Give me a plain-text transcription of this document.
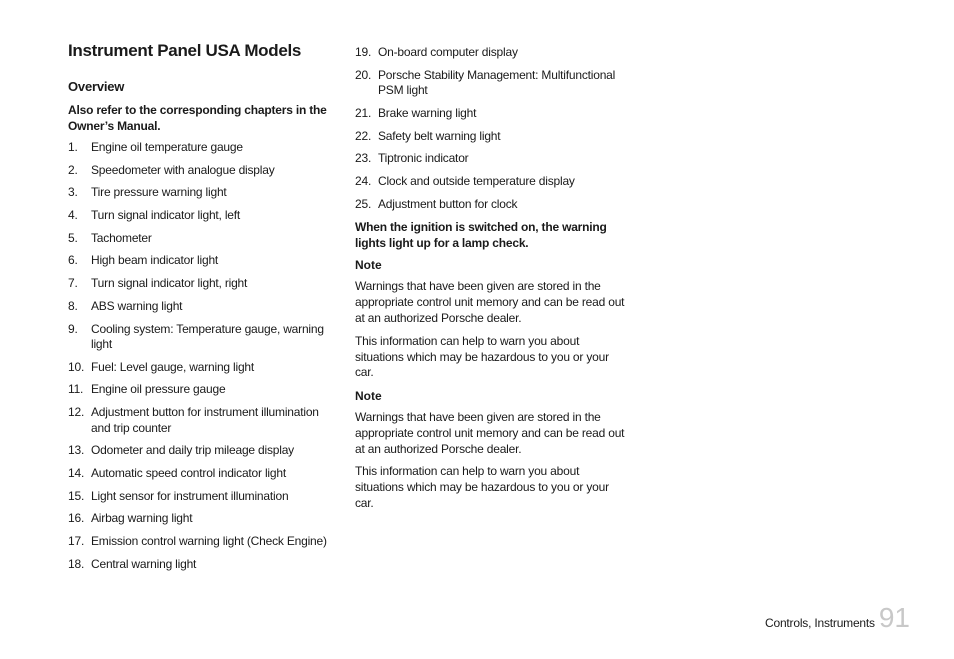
Instrument Panel USA Models
Overview

Also refer to the corresponding chapters in the Owner’s Manual.

1.	Engine oil temperature gauge
2.	Speedometer with analogue display
3.	Tire pressure warning light
4.	Turn signal indicator light, left
5.	Tachometer
6.	High beam indicator light
7.	Turn signal indicator light, right
8.	ABS warning light
9.	Cooling system: Temperature gauge, warning light
10. Fuel: Level gauge, warning light
11. Engine oil pressure gauge
12. Adjustment button for instrument illumination and trip counter
13. Odometer and daily trip mileage display
14. Automatic speed control indicator light
15. Light sensor for instrument illumination
16. Airbag warning light
17. Emission control warning light (Check Engine)
18. Central warning light
19. On-board computer display
20. Porsche Stability Management: Multifunctional PSM light
21. Brake warning light
22. Safety belt warning light
23. Tiptronic indicator
24. Clock and outside temperature display
25. Adjustment button for clock

When the ignition is switched on, the warning lights light up for a lamp check.

Note

Warnings that have been given are stored in the appropriate control unit memory and can be read out at an authorized Porsche dealer.

This information can help to warn you about situations which may be hazardous to you or your car.

Note

Warnings that have been given are stored in the appropriate control unit memory and can be read out at an authorized Porsche dealer.

This information can help to warn you about situations which may be hazardous to you or your car.

Controls, Instruments 91
